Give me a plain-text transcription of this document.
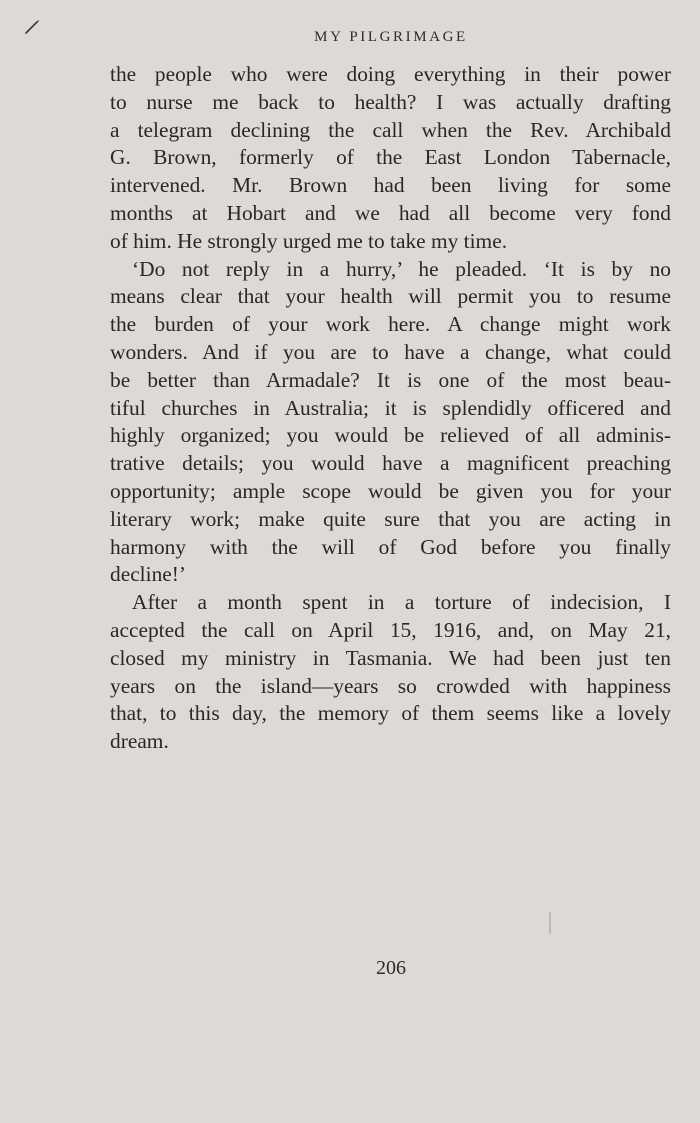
MY PILGRIMAGE
the people who were doing everything in their power
to nurse me back to health? I was actually drafting
a telegram declining the call when the Rev. Archibald
G. Brown, formerly of the East London Tabernacle,
intervened. Mr. Brown had been living for some
months at Hobart and we had all become very fond
of him. He strongly urged me to take my time.
‘Do not reply in a hurry,’ he pleaded. ‘It is by no
means clear that your health will permit you to resume
the burden of your work here. A change might work
wonders. And if you are to have a change, what could
be better than Armadale? It is one of the most beau-
tiful churches in Australia; it is splendidly officered and
highly organized; you would be relieved of all adminis-
trative details; you would have a magnificent preaching
opportunity; ample scope would be given you for your
literary work; make quite sure that you are acting in
harmony with the will of God before you finally
decline!’
After a month spent in a torture of indecision, I
accepted the call on April 15, 1916, and, on May 21,
closed my ministry in Tasmania. We had been just ten
years on the island—years so crowded with happiness
that, to this day, the memory of them seems like a lovely
dream.
206
